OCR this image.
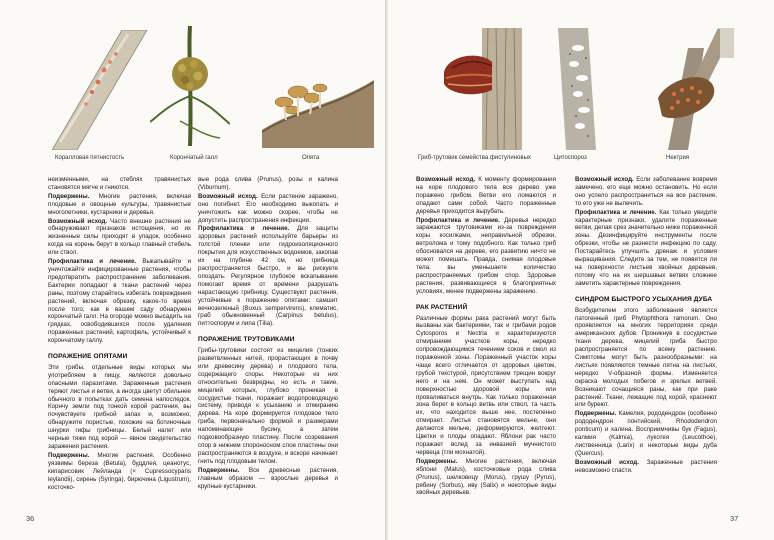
Коралловая пятнистость	Корончатый галл	Опята

неизменными, на стеблях травянистых становятся мягче и гниются.

Подвержены. Многие растения, включая плодовые и овощные культуры, травянистые многолетники, кустарники и деревья.

Возможный исход. Часто внешне растения не обнаруживают признаков истощения, но их жизненные силы приходят в упадок, особенно когда на корень берут в кольцо главный стебель или ствол.

Профилактика и лечение. Выкапывайте и уничтожайте инфицированные растения, чтобы предотвратить распространение заболевания. Бактерии попадают в ткани растений через раны, поэтому старайтесь избегать повреждения растений, включая обрезку, какое-то время после того, как в вашем саду обнаружен корончатый галл. На огороде можно высадить на грядках, освободившихся после удаления пораженных растений, картофель, устойчивый к корончатому галлу.

ПОРАЖЕНИЕ ОПЯТАМИ

Эти грибы, отдельные виды которых мы употребляем в пищу, являются довольно опасными паразитами. Зараженные растения теряют листья и ветви, а иногда цветут обильнее обычного в попытках дать семена напоследок. Корнчу земли под тонкой корой растения, вы почувствуете грибной запах и, возможно, обнаружите пористые, похожие на ботиночные шнурки гифы грибницы. Белый налет или черные тяжи под корой — явное свидетельство заражения растения.

Подвержены. Многие растения. Особенно уязвимы береза (Betula), буддлея, цеанотус, кипарисовик Лейланда (× Cupressocyparis leylandii), сирень (Syringa), бирючина (Ligustrum), косточко-

вые рода слива (Prunus), розы и калина (Viburnum).

Возможный исход. Если растение заражено, оно погибнет. Его необходимо выкопать и уничтожить как можно скорее, чтобы не допустить распространения инфекции.

Профилактика и лечение. Для защиты здоровых растений используйте барьеры из толстой пленки или гидроизоляционного покрытия для искусственных водоемов, закопав их на глубине 42 см, но грибница распространяется быстро, и вы рискуете опоздать. Регулярное глубокое вскапывание помогает время от времени разрушать нарастающую грибницу. Существуют растения, устойчивые к поражению опятами: самшит вечнозеленый (Buxus sempervirens), клематис, граб обыкновенный (Carpinus betulus), питтоспорум и липа (Tilia).

ПОРАЖЕНИЕ ТРУТОВИКАМИ

Грибы-трутовики состоят из мицелия (тонких разветвленных нитей, прорастающих в почву или древесину дерева) и плодового тела, содержащего споры. Некоторые из них относительно безвредны, но есть и такие, мицелий которых, глубоко проникая в сосудистые ткани, поражает водопроводящую систему, приводя к усыханию и отмиранию дерева. На коре формируется плодовое тело гриба, первоначально формой и размерами напоминающее бусину, а затем подковообразную пластину. После созревания спор в нижнем спороносном слое пластины они распространяются в воздухе, и вскоре начинает гнить под плодовым телом.

Подвержены. Все древесные растения, главным образом — взрослые деревья и крупные кустарники.

36
Гриб-трутовик семейства фистулиновых	Цитоспороз	Нектрия

Возможный исход. К моменту формирования на коре плодового тела все дерево уже поражено грибом. Ветви его ломаются и опадают сами собой. Часто пораженные деревья приходится вырубать.

Профилактика и лечение. Деревья нередко заражаются трутовиками из-за повреждения коры косилками, неправильной обрезки, ветролома и тому подобного. Как только гриб обосновался на дереве, его развитию ничто не может помешать. Правда, снимая плодовые тела, вы уменьшаете количество распространяемых грибом спор. Здоровые растения, развивающиеся в благоприятных условиях, менее подвержены заражению.

РАК РАСТЕНИЙ

Различные формы рака растений могут быть вызваны как бактериями, так и грибами родов Cytosporos и Nectria и характеризуются отмиранием участков коры, нередко сопровождающимся течением соков и смол из пораженной зоны. Пораженный участок коры чаще всего отличается от здоровых цветом, грубой текстурой, присутствием трещин вокруг него и на нем. Он может выступать над поверхностью здоровой коры или проваливаться внутрь. Как только пораженная зона берет в кольцо ветвь или ствол, та часть их, что находится выше нее, постепенно отмирает. Листья становятся мельче, они делаются мельче, деформируются, желтеют. Цветки и плоды опадают. Яблони рак часто поражает вслед за инвазией мучнистого червеца (тли мохнатой).

Подвержены. Многие растения, включая яблони (Malus), косточковые рода слива (Prunus), шелковицу (Morus), грушу (Pyrus), рябину (Sorbus), иву (Salix) и некоторые виды хвойных деревьев.

Возможный исход. Если заболевание вовремя замечено, его еще можно остановить. Но если оно успело распространиться на все растение, то его уже не вылечить.

Профилактика и лечение. Как только увидите характерные признаки, удалите пораженные ветви, делая срез значительно ниже пораженной зоны. Дезинфицируйте инструменты после обрезки, чтобы не разнести инфекцию по саду. Постарайтесь улучшить дренаж и условия выращивания. Следите за тем, не появятся ли на поверхности листьев хвойных деревьев, потому что на их шершавых ветвях сложнее заметить характерные повреждения.

СИНДРОМ БЫСТРОГО УСЫХАНИЯ ДУБА

Возбудителем этого заболевания является патогенный гриб Phytophthora ramorum. Оно проявляется на многих территориях среди американских дубов. Проникнув в сосудистые ткани дерева, мицелий гриба быстро распространяется по всему растению. Симптомы могут быть разнообразными: на листьях появляются темные пятна на листьях, нередко V-образной формы. Изменяется окраска молодых побегов и зрелых ветвей. Возникают сочащиеся раны, как при раке растений. Ткани, лежащие под корой, краснеют или буреют.

Подвержены. Камелия, рододендрон (особенно рододендрон понтийский, Rhododendron ponticum) и калина. Восприимчивы бук (Fagus), калмия (Kalmia), лукотея (Leucothoe), лиственница (Larix) и некоторые виды дуба (Quercus).

Возможный исход. Зараженные растения невозможно спасти.

37
